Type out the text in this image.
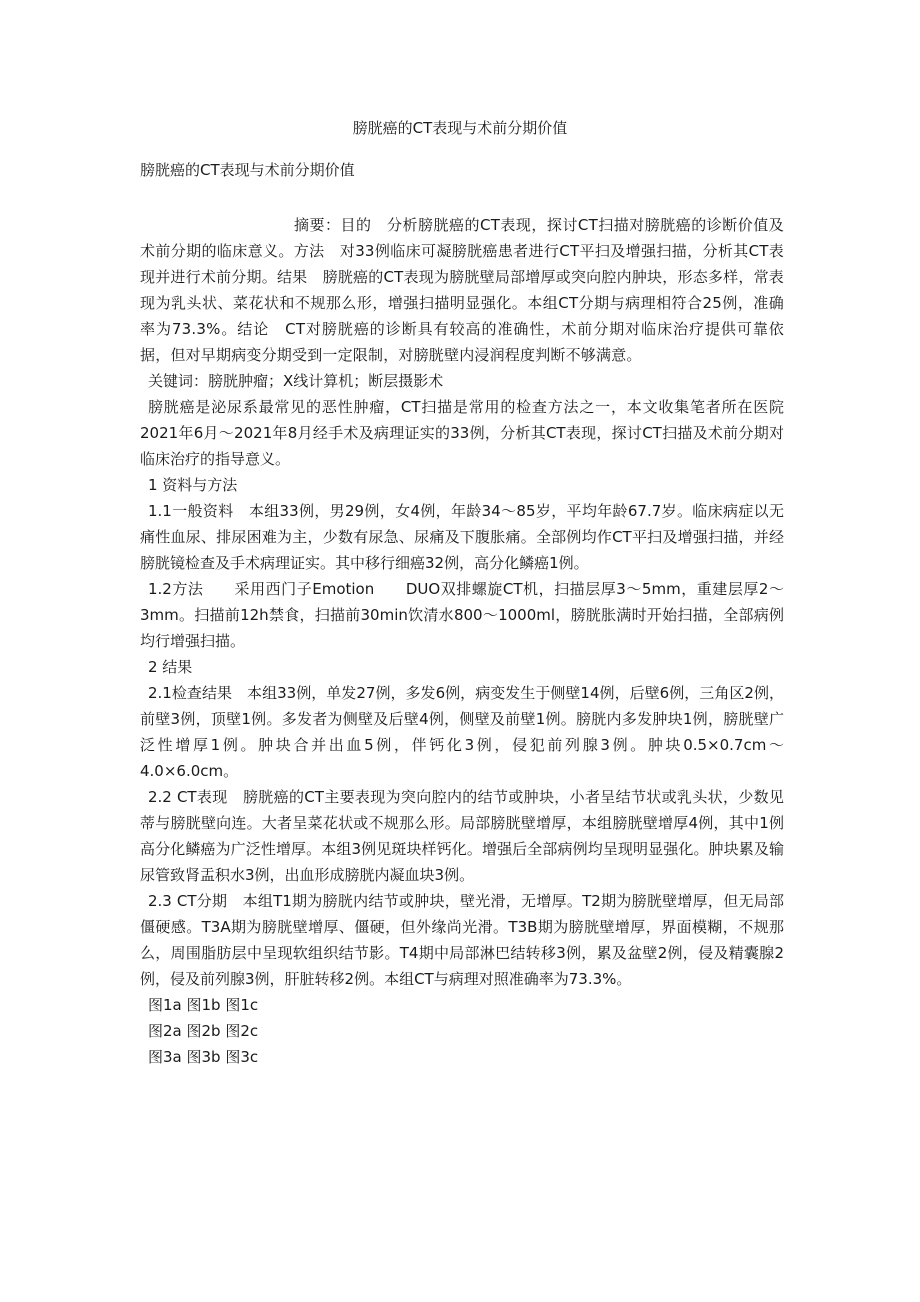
膀胱癌的CT表现与术前分期价值
膀胱癌的CT表现与术前分期价值

摘要：目的　分析膀胱癌的CT表现，探讨CT扫描对膀胱癌的诊断价值及术前分期的临床意义。方法　对33例临床可凝膀胱癌患者进行CT平扫及增强扫描，分析其CT表现并进行术前分期。结果　膀胱癌的CT表现为膀胱壁局部增厚或突向腔内肿块，形态多样，常表现为乳头状、菜花状和不规那么形，增强扫描明显强化。本组CT分期与病理相符合25例，准确率为73.3%。结论　CT对膀胱癌的诊断具有较高的准确性，术前分期对临床治疗提供可靠依据，但对早期病变分期受到一定限制，对膀胱壁内浸润程度判断不够满意。

关键词：膀胱肿瘤；X线计算机；断层摄影术

膀胱癌是泌尿系最常见的恶性肿瘤，CT扫描是常用的检查方法之一，本文收集笔者所在医院2021年6月～2021年8月经手术及病理证实的33例，分析其CT表现，探讨CT扫描及术前分期对临床治疗的指导意义。

1 资料与方法

1.1一般资料　本组33例，男29例，女4例，年龄34～85岁，平均年龄67.7岁。临床病症以无痛性血尿、排尿困难为主，少数有尿急、尿痛及下腹胀痛。全部例均作CT平扫及增强扫描，并经膀胱镜检查及手术病理证实。其中移行细癌32例，高分化鳞癌1例。

1.2方法　　采用西门子Emotion　　DUO双排螺旋CT机，扫描层厚3～5mm，重建层厚2～3mm。扫描前12h禁食，扫描前30min饮清水800～1000ml，膀胱胀满时开始扫描，全部病例均行增强扫描。

2 结果

2.1检查结果　本组33例，单发27例，多发6例，病变发生于侧壁14例，后壁6例，三角区2例，前壁3例，顶壁1例。多发者为侧壁及后壁4例，侧壁及前壁1例。膀胱内多发肿块1例，膀胱壁广泛性增厚1例。肿块合并出血5例，伴钙化3例，侵犯前列腺3例。肿块0.5×0.7cm～4.0×6.0cm。

2.2 CT表现　膀胱癌的CT主要表现为突向腔内的结节或肿块，小者呈结节状或乳头状，少数见蒂与膀胱壁向连。大者呈菜花状或不规那么形。局部膀胱壁增厚，本组膀胱壁增厚4例，其中1例高分化鳞癌为广泛性增厚。本组3例见斑块样钙化。增强后全部病例均呈现明显强化。肿块累及输尿管致肾盂积水3例，出血形成膀胱内凝血块3例。

2.3 CT分期　本组T1期为膀胱内结节或肿块，壁光滑，无增厚。T2期为膀胱壁增厚，但无局部僵硬感。T3A期为膀胱壁增厚、僵硬，但外缘尚光滑。T3B期为膀胱壁增厚，界面模糊，不规那么，周围脂肪层中呈现软组织结节影。T4期中局部淋巴结转移3例，累及盆壁2例，侵及精囊腺2例，侵及前列腺3例，肝脏转移2例。本组CT与病理对照准确率为73.3%。

图1a 图1b 图1c

图2a 图2b 图2c

图3a 图3b 图3c
